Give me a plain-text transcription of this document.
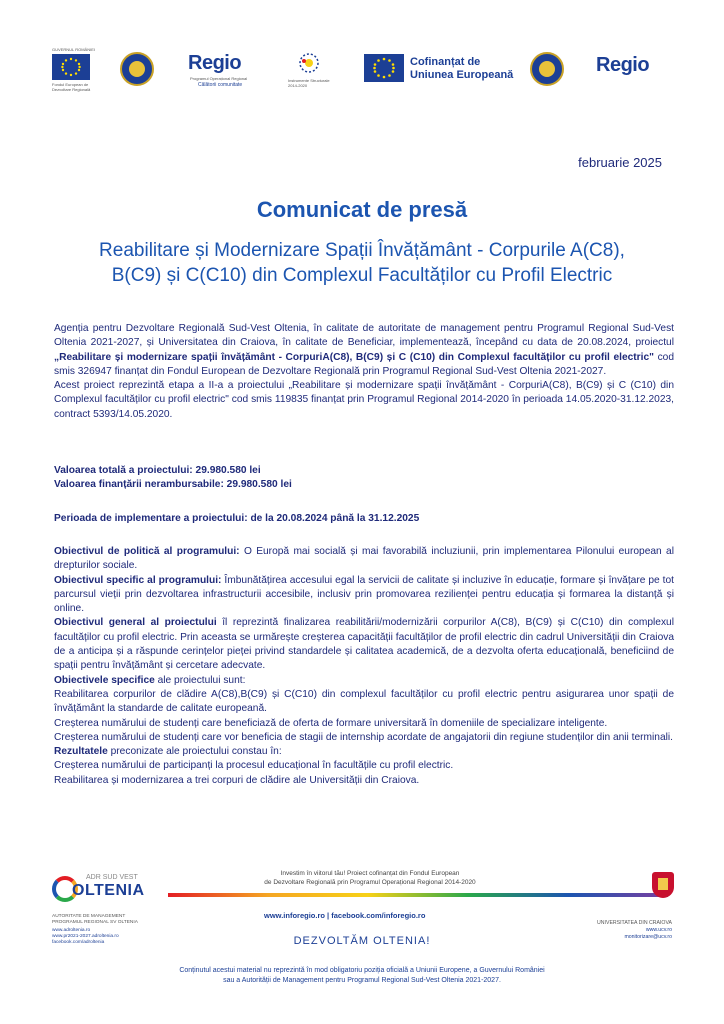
GUVERNUL ROMÂNIEI
Fondul European de Dezvoltare Regională
Regio
Programul Operațional Regional
Călătorii comunitate
Instrumente Structurale 2014-2020
Cofinanțat de
Uniunea Europeană	Regio
februarie 2025
Comunicat de presă
Reabilitare și Modernizare Spații Învățământ - Corpurile A(C8),
B(C9) și C(C10) din Complexul Facultăților cu Profil Electric

Agenția pentru Dezvoltare Regională Sud-Vest Oltenia, în calitate de autoritate de management pentru Programul Regional Sud-Vest Oltenia 2021-2027, și Universitatea din Craiova, în calitate de Beneficiar, implementează, începând cu data de 20.08.2024, proiectul „Reabilitare și modernizare spații învățământ - CorpuriA(C8), B(C9) și C (C10) din Complexul facultăților cu profil electric" cod smis 326947 finanțat din Fondul European de Dezvoltare Regională prin Programul Regional Sud-Vest Oltenia 2021-2027.

Acest proiect reprezintă etapa a II-a a proiectului „Reabilitare și modernizare spații învățământ - CorpuriA(C8), B(C9) și C (C10) din Complexul facultăților cu profil electric" cod smis 119835 finanțat prin Programul Regional 2014-2020 în perioada 14.05.2020-31.12.2023, contract 5393/14.05.2020.

Valoarea totală a proiectului: 29.980.580 lei

Valoarea finanțării nerambursabile: 29.980.580 lei

Perioada de implementare a proiectului: de la 20.08.2024 până la 31.12.2025

Obiectivul de politică al programului: O Europă mai socială și mai favorabilă incluziunii, prin implementarea Pilonului european al drepturilor sociale.

Obiectivul specific al programului: Îmbunătățirea accesului egal la servicii de calitate și incluzive în educație, formare și învățare pe tot parcursul vieții prin dezvoltarea infrastructurii accesibile, inclusiv prin promovarea rezilienței pentru educația și formarea la distanță și online.

Obiectivul general al proiectului îl reprezintă finalizarea reabilitării/modernizării corpurilor A(C8), B(C9) și C(C10) din complexul facultăților cu profil electric. Prin aceasta se urmărește creșterea capacității facultăților de profil electric din cadrul Universității din Craiova de a anticipa și a răspunde cerințelor pieței privind standardele și calitatea academică, de a dezvolta oferta educațională, beneficiind de spații pentru învățământ și cercetare adecvate.

Obiectivele specifice ale proiectului sunt:

Reabilitarea corpurilor de clădire A(C8),B(C9) și C(C10) din complexul facultăților cu profil electric pentru asigurarea unor spații de învățământ la standarde de calitate europeană.

Creșterea numărului de studenți care beneficiază de oferta de formare universitară în domeniile de specializare inteligente.

Creșterea numărului de studenți care vor beneficia de stagii de internship acordate de angajatorii din regiune studenților din anii terminali.

Rezultatele preconizate ale proiectului constau în:

Creșterea numărului de participanți la procesul educațional în facultățile cu profil electric.

Reabilitarea și modernizarea a trei corpuri de clădire ale Universității din Craiova.

ADR SUD VEST
OLTENIA
AUTORITATE DE MANAGEMENT
PROGRAMUL REGIONAL SV OLTENIA
www.adroltenia.ro
www.pr2021-2027.adroltenia.ro
facebook.com/adroltenia
Investim în viitorul tău! Proiect cofinanțat din Fondul European
de Dezvoltare Regională prin Programul Operațional Regional 2014-2020
www.inforegio.ro | facebook.com/inforegio.ro
DEZVOLTĂM OLTENIA!
UNIVERSITATEA DIN CRAIOVA
www.ucv.ro
monitorizare@ucv.ro
Conținutul acestui material nu reprezintă în mod obligatoriu poziția oficială a Uniunii Europene, a Guvernului României
sau a Autorității de Management pentru Programul Regional Sud-Vest Oltenia 2021-2027.
